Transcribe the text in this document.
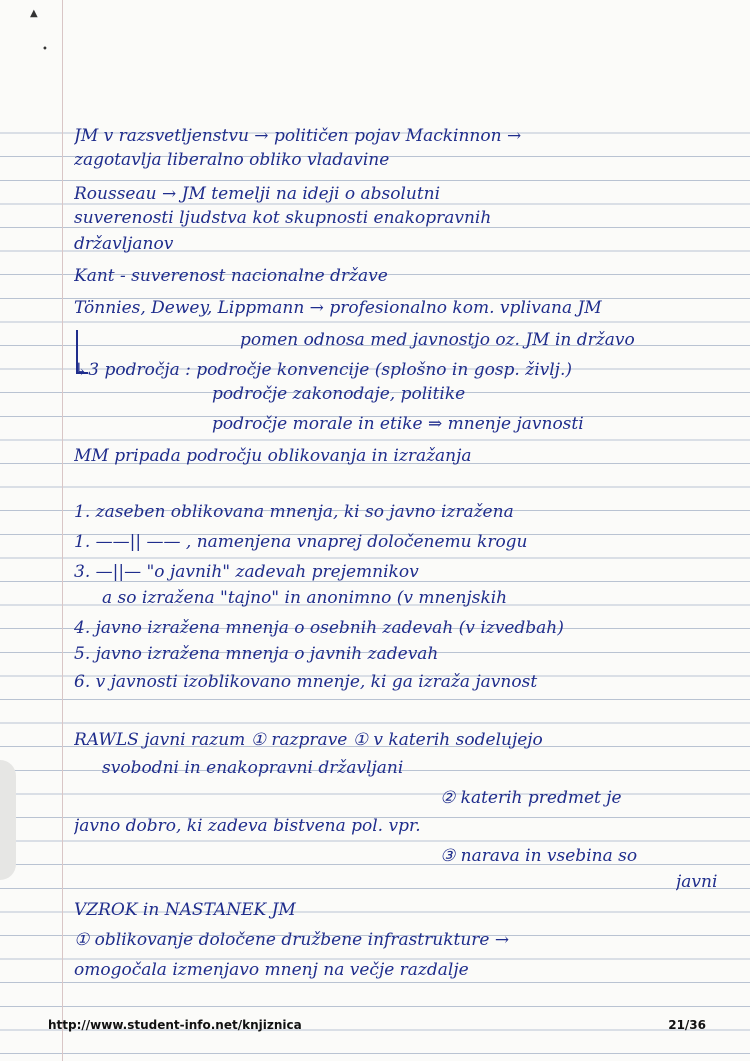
▲
•
JM v razsvetljenstvu → političen pojav Mackinnon →
zagotavlja liberalno obliko vladavine
Rousseau → JM temelji na ideji o absolutni
suverenosti ljudstva kot skupnosti enakopravnih
državljanov
Kant - suverenost nacionalne države
Tönnies, Dewey, Lippmann → profesionalno kom. vplivana JM
pomen odnosa med javnostjo oz. JM in državo
↳3 področja : področje konvencije (splošno in gosp. življ.)
področje zakonodaje, politike
področje morale in etike ⇒ mnenje javnosti
MM pripada področju oblikovanja in izražanja
1. zaseben oblikovana mnenja, ki so javno izražena
1. ——|| —— , namenjena vnaprej določenemu krogu
3. —||— "o javnih" zadevah prejemnikov
a so izražena "tajno" in anonimno (v mnenjskih
4. javno izražena mnenja o osebnih zadevah (v izvedbah)
5. javno izražena mnenja o javnih zadevah
6. v javnosti izoblikovano mnenje, ki ga izraža javnost
RAWLS javni razum ① razprave ① v katerih sodelujejo
svobodni in enakopravni državljani
② katerih predmet je
javno dobro, ki zadeva bistvena pol. vpr.
③ narava in vsebina so
javni
VZROK in NASTANEK JM
① oblikovanje določene družbene infrastrukture →
omogočala izmenjavo mnenj na večje razdalje
http://www.student-info.net/knjiznica	21/36
